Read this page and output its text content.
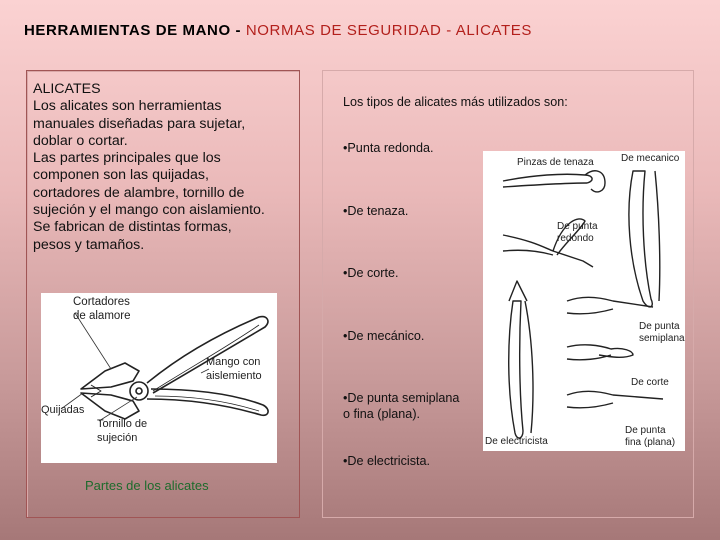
HERRAMIENTAS DE MANO - NORMAS DE SEGURIDAD - ALICATES
ALICATES
Los alicates son herramientas
manuales diseñadas para sujetar,
doblar o cortar.
Las partes principales que los
componen son las quijadas,
cortadores de alambre, tornillo de
sujeción y el mango con aislamiento.
Se fabrican de distintas formas,
pesos y tamaños.
Cortadores
de alamore
Mango con
aislemiento
Quijadas
Tornillo de
sujeción
Partes de los alicates
Los tipos de alicates más utilizados son:
•Punta redonda.
•De tenaza.
•De corte.
•De mecánico.
•De punta semiplana
o fina (plana).
•De electricista.
Pinzas de tenaza	De mecanico
De punta
redondo
De punta
semiplana
De corte
De electricista
De punta
fina (plana)
